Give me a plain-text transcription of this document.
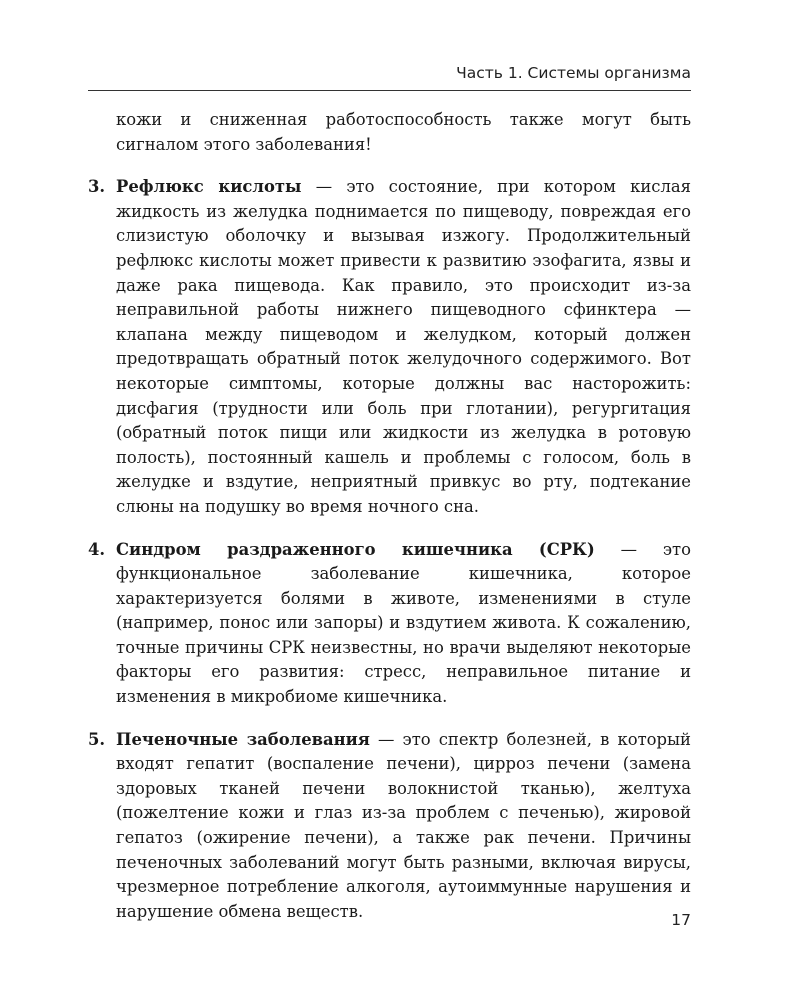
Часть 1. Системы организма

кожи и сниженная работоспособность также могут быть сигналом этого заболевания!

3. Рефлюкс кислоты — это состояние, при котором кислая жидкость из желудка поднимается по пищеводу, повреждая его слизистую оболочку и вызывая изжогу. Продолжительный рефлюкс кислоты может привести к развитию эзофагита, язвы и даже рака пищевода. Как правило, это происходит из-за неправильной работы нижнего пищеводного сфинктера — клапана между пищеводом и желудком, который должен предотвращать обратный поток желудочного содержимого. Вот некоторые симптомы, которые должны вас насторожить: дисфагия (трудности или боль при глотании), регургитация (обратный поток пищи или жидкости из желудка в ротовую полость), постоянный кашель и проблемы с голосом, боль в желудке и вздутие, неприятный привкус во рту, подтекание слюны на подушку во время ночного сна.
4. Синдром раздраженного кишечника (СРК) — это функциональное заболевание кишечника, которое характеризуется болями в животе, изменениями в стуле (например, понос или запоры) и вздутием живота. К сожалению, точные причины СРК неизвестны, но врачи выделяют некоторые факторы его развития: стресс, неправильное питание и изменения в микробиоме кишечника.
5. Печеночные заболевания — это спектр болезней, в который входят гепатит (воспаление печени), цирроз печени (замена здоровых тканей печени волокнистой тканью), желтуха (пожелтение кожи и глаз из-за проблем с печенью), жировой гепатоз (ожирение печени), а также рак печени. Причины печеночных заболеваний могут быть разными, включая вирусы, чрезмерное потребление алкоголя, аутоиммунные нарушения и нарушение обмена веществ.	17
